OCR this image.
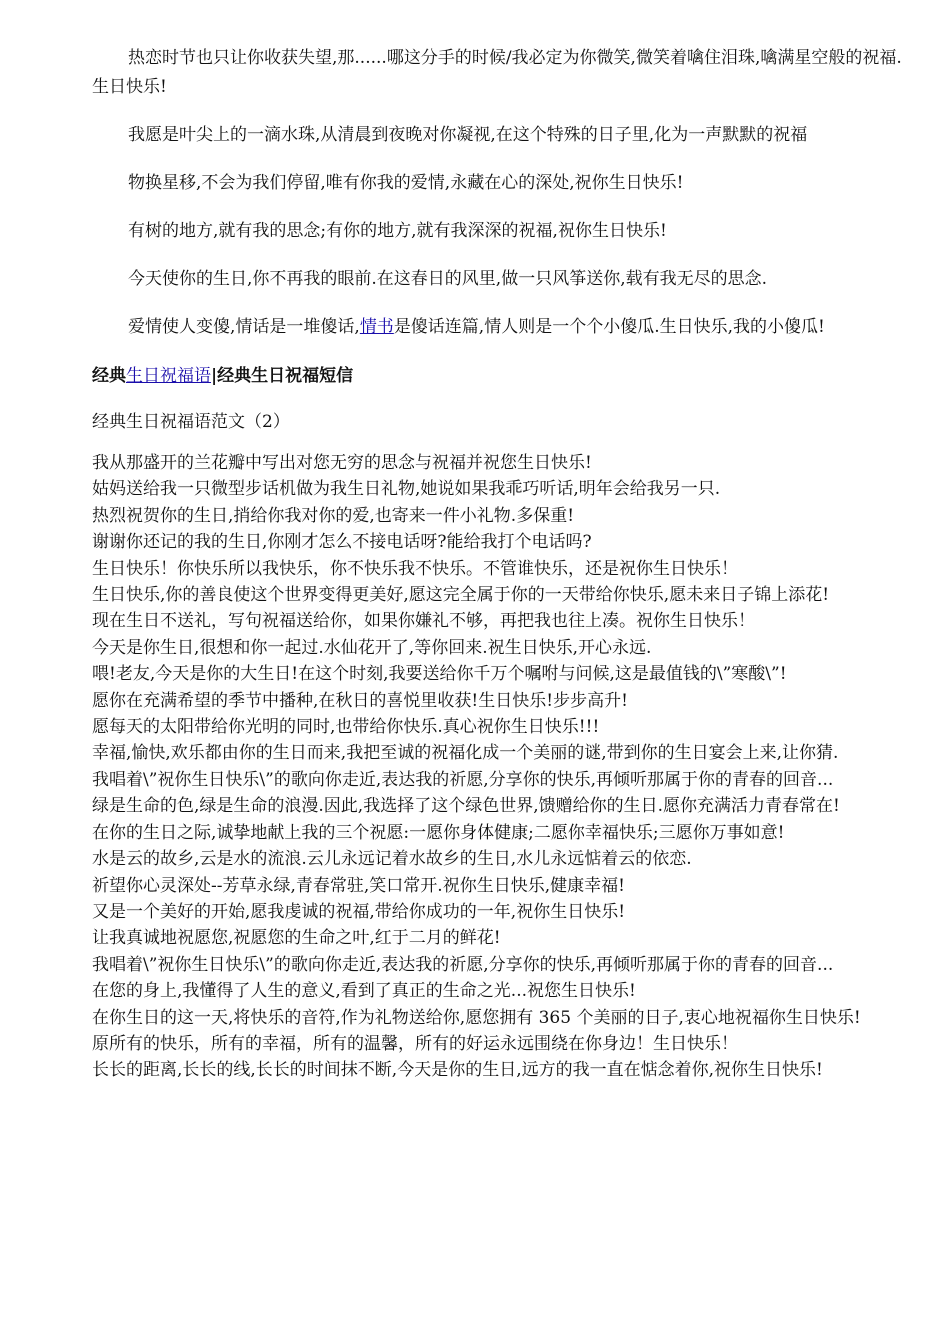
热恋时节也只让你收获失望,那......哪这分手的时候/我必定为你微笑,微笑着噙住泪珠,噙满星空般的祝福.生日快乐!

我愿是叶尖上的一滴水珠,从清晨到夜晚对你凝视,在这个特殊的日子里,化为一声默默的祝福

物换星移,不会为我们停留,唯有你我的爱情,永藏在心的深处,祝你生日快乐!

有树的地方,就有我的思念;有你的地方,就有我深深的祝福,祝你生日快乐!

今天使你的生日,你不再我的眼前.在这春日的风里,做一只风筝送你,载有我无尽的思念.

爱情使人变傻,情话是一堆傻话,情书是傻话连篇,情人则是一个个小傻瓜.生日快乐,我的小傻瓜!

经典生日祝福语|经典生日祝福短信
经典生日祝福语范文（2）

我从那盛开的兰花瓣中写出对您无穷的思念与祝福并祝您生日快乐!

姑妈送给我一只微型步话机做为我生日礼物,她说如果我乖巧听话,明年会给我另一只.

热烈祝贺你的生日,捎给你我对你的爱,也寄来一件小礼物.多保重!

谢谢你还记的我的生日,你刚才怎么不接电话呀?能给我打个电话吗?

生日快乐！你快乐所以我快乐，你不快乐我不快乐。不管谁快乐，还是祝你生日快乐！

生日快乐,你的善良使这个世界变得更美好,愿这完全属于你的一天带给你快乐,愿未来日子锦上添花!

现在生日不送礼，写句祝福送给你，如果你嫌礼不够，再把我也往上凑。祝你生日快乐！

今天是你生日,很想和你一起过.水仙花开了,等你回来.祝生日快乐,开心永远.

喂!老友,今天是你的大生日!在这个时刻,我要送给你千万个嘱咐与问候,这是最值钱的\”寒酸\”!

愿你在充满希望的季节中播种,在秋日的喜悦里收获!生日快乐!步步高升!

愿每天的太阳带给你光明的同时,也带给你快乐.真心祝你生日快乐!!!

幸福,愉快,欢乐都由你的生日而来,我把至诚的祝福化成一个美丽的谜,带到你的生日宴会上来,让你猜.

我唱着\”祝你生日快乐\”的歌向你走近,表达我的祈愿,分享你的快乐,再倾听那属于你的青春的回音...

绿是生命的色,绿是生命的浪漫.因此,我选择了这个绿色世界,馈赠给你的生日.愿你充满活力青春常在!

在你的生日之际,诚挚地献上我的三个祝愿:一愿你身体健康;二愿你幸福快乐;三愿你万事如意!

水是云的故乡,云是水的流浪.云儿永远记着水故乡的生日,水儿永远惦着云的依恋.

祈望你心灵深处--芳草永绿,青春常驻,笑口常开.祝你生日快乐,健康幸福!

又是一个美好的开始,愿我虔诚的祝福,带给你成功的一年,祝你生日快乐!

让我真诚地祝愿您,祝愿您的生命之叶,红于二月的鲜花!

我唱着\”祝你生日快乐\”的歌向你走近,表达我的祈愿,分享你的快乐,再倾听那属于你的青春的回音...

在您的身上,我懂得了人生的意义,看到了真正的生命之光...祝您生日快乐!

在你生日的这一天,将快乐的音符,作为礼物送给你,愿您拥有 365 个美丽的日子,衷心地祝福你生日快乐!

原所有的快乐，所有的幸福，所有的温馨，所有的好运永远围绕在你身边！生日快乐！

长长的距离,长长的线,长长的时间抹不断,今天是你的生日,远方的我一直在惦念着你,祝你生日快乐!
